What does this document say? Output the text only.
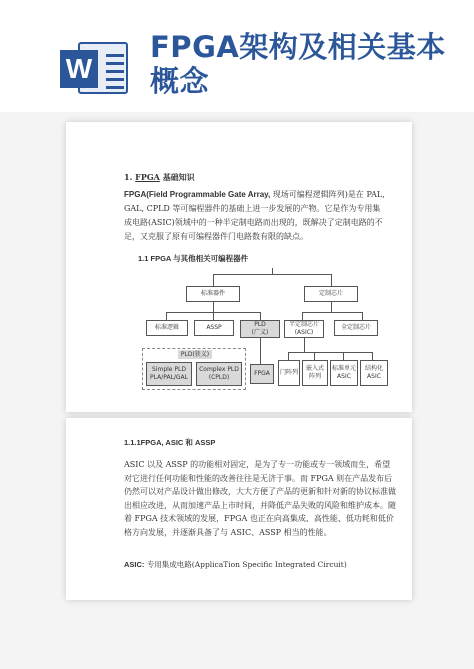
W
FPGA架构及相关基本概念
1. FPGA 基础知识
FPGA(Field Programmable Gate Array, 现场可编程逻辑阵列)是在 PAL, GAL, CPLD 等可编程器件的基础上进一步发展的产物。它是作为专用集成电路(ASIC)领域中的一种半定制电路而出现的，既解决了定制电路的不足，又克服了原有可编程器件门电路数有限的缺点。
1.1 FPGA 与其他相关可编程器件
标准器件	定制芯片
标准逻辑	ASSP	PLD
(广义)
半定制芯片
(ASIC)
全定制芯片
PLD(狭义)
Simple PLD
PLA/PAL/GAL
Complex PLD
(CPLD)
FPGA	门阵列
嵌入式
阵列
标准单元
ASIC
结构化
ASIC
1.1.1FPGA, ASIC 和 ASSP
ASIC 以及 ASSP 的功能相对固定，是为了专一功能或专一领域而生，希望对它进行任何功能和性能的改善往往是无济于事。而 FPGA 则在产品发布后仍然可以对产品设计做出修改，大大方便了产品的更新和针对新的协议标准做出相应改进，从而加速产品上市时间，并降低产品失败的风险和维护成本。随着 FPGA 技术领域的发展，FPGA 也正在向高集成、高性能、低功耗和低价格方向发展，并逐渐具备了与 ASIC、ASSP 相当的性能。
ASIC: 专用集成电路(ApplicaTion Specific Integrated Circuit)
